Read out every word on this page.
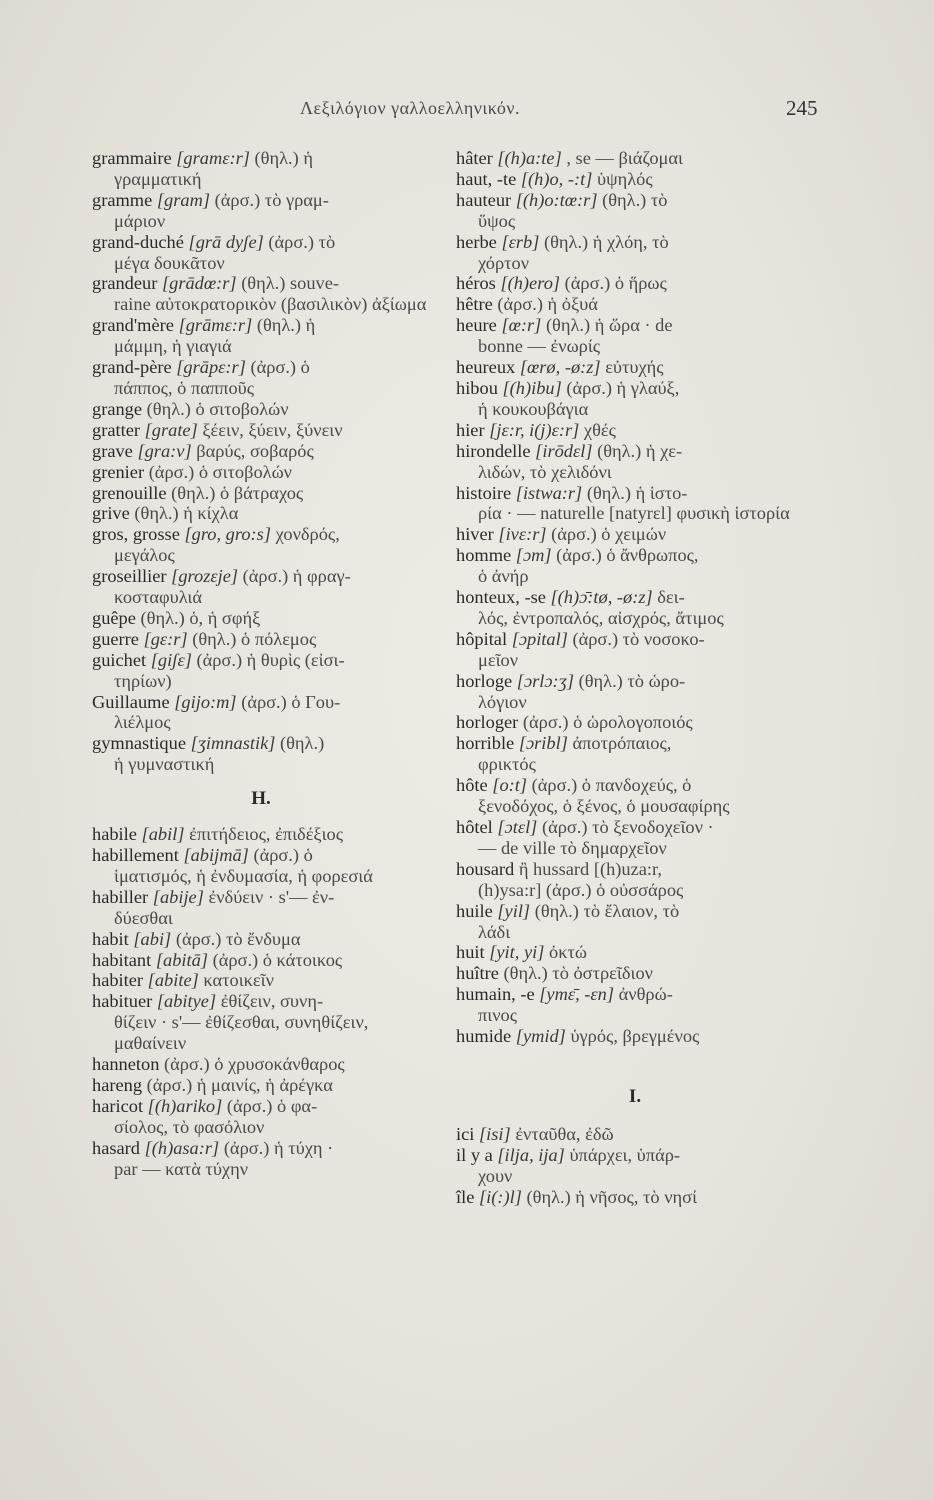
Λεξιλόγιον γαλλοελληνικόν.	245
grammaire [gramε:r] (θηλ.) ἡ
γραμματική
gramme [gram] (ἀρσ.) τὸ γραμ-
μάριον
grand-duché [grā dyʃe] (ἀρσ.) τὸ
μέγα δουκᾶτον
grandeur [grādœ:r] (θηλ.) souve-
raine αὐτοκρατορικὸν (βασιλικὸν) ἀξίωμα
grand'mère [grāmε:r] (θηλ.) ἡ
μάμμη, ἡ γιαγιά
grand-père [grāpε:r] (ἀρσ.) ὁ
πάππος, ὁ παπποῦς
grange (θηλ.) ὁ σιτοβολών
gratter [grate] ξέειν, ξύειν, ξύνειν
grave [gra:v] βαρύς, σοβαρός
grenier (ἀρσ.) ὁ σιτοβολών
grenouille (θηλ.) ὁ βάτραχος
grive (θηλ.) ἡ κίχλα
gros, grosse [gro, gro:s] χονδρός,
μεγάλος
groseillier [grozεje] (ἀρσ.) ἡ φραγ-
κοσταφυλιά
guêpe (θηλ.) ὁ, ἡ σφήξ
guerre [gε:r] (θηλ.) ὁ πόλεμος
guichet [giʃε] (ἀρσ.) ἡ θυρὶς (εἰσι-
τηρίων)
Guillaume [gijo:m] (ἀρσ.) ὁ Γου-
λιέλμος
gymnastique [ʒimnastik] (θηλ.)
ἡ γυμναστική
H.
habile [abil] ἐπιτήδειος, ἐπιδέξιος
habillement [abijmā] (ἀρσ.) ὁ
ἱματισμός, ἡ ἐνδυμασία, ἡ φορεσιά
habiller [abije] ἐνδύειν · s'— ἐν-
δύεσθαι
habit [abi] (ἀρσ.) τὸ ἔνδυμα
habitant [abitā] (ἀρσ.) ὁ κάτοικος
habiter [abite] κατοικεῖν
habituer [abitye] ἐθίζειν, συνη-
θίζειν · s'— ἐθίζεσθαι, συνηθίζειν, μαθαίνειν
hanneton (ἀρσ.) ὁ χρυσοκάνθαρος
hareng (ἀρσ.) ἡ μαινίς, ἡ ἀρέγκα
haricot [(h)ariko] (ἀρσ.) ὁ φα-
σίολος, τὸ φασόλιον
hasard [(h)asa:r] (ἀρσ.) ἡ τύχη ·
par — κατὰ τύχην
hâter [(h)a:te] , se — βιάζομαι
haut, -te [(h)o, -:t] ὑψηλός
hauteur [(h)o:tœ:r] (θηλ.) τὸ
ὕψος
herbe [εrb] (θηλ.) ἡ χλόη, τὸ
χόρτον
héros [(h)ero] (ἀρσ.) ὁ ἥρως
hêtre (ἀρσ.) ἡ ὀξυά
heure [œ:r] (θηλ.) ἡ ὥρα · de
bonne — ἐνωρίς
heureux [œrø, -ø:z] εὐτυχής
hibou [(h)ibu] (ἀρσ.) ἡ γλαύξ,
ἡ κουκουβάγια
hier [jε:r, i(j)ε:r] χθές
hirondelle [irōdεl] (θηλ.) ἡ χε-
λιδών, τὸ χελιδόνι
histoire [istwa:r] (θηλ.) ἡ ἱστο-
ρία · — naturelle [natyrεl] φυσικὴ ἱστορία
hiver [ivε:r] (ἀρσ.) ὁ χειμών
homme [ɔm] (ἀρσ.) ὁ ἄνθρωπος,
ὁ ἀνήρ
honteux, -se [(h)ɔ̄:tø, -ø:z] δει-
λός, ἐντροπαλός, αἰσχρός, ἄτιμος
hôpital [ɔpital] (ἀρσ.) τὸ νοσοκο-
μεῖον
horloge [ɔrlɔ:ʒ] (θηλ.) τὸ ὡρο-
λόγιον
horloger (ἀρσ.) ὁ ὡρολογοποιός
horrible [ɔribl] ἀποτρόπαιος,
φρικτός
hôte [o:t] (ἀρσ.) ὁ πανδοχεύς, ὁ
ξενοδόχος, ὁ ξένος, ὁ μουσαφίρης
hôtel [ɔtεl] (ἀρσ.) τὸ ξενοδοχεῖον ·
— de ville τὸ δημαρχεῖον
housard ἢ hussard [(h)uza:r,
(h)ysa:r] (ἀρσ.) ὁ οὐσσάρος
huile [yil] (θηλ.) τὸ ἔλαιον, τὸ
λάδι
huit [yit, yi] ὀκτώ
huître (θηλ.) τὸ ὀστρεῖδιον
humain, -e [ymε̄, -εn] ἀνθρώ-
πινος
humide [ymid] ὑγρός, βρεγμένος
I.
ici [isi] ἐνταῦθα, ἐδῶ
il y a [ilja, ija] ὑπάρχει, ὑπάρ-
χουν
île [i(:)l] (θηλ.) ἡ νῆσος, τὸ νησί
